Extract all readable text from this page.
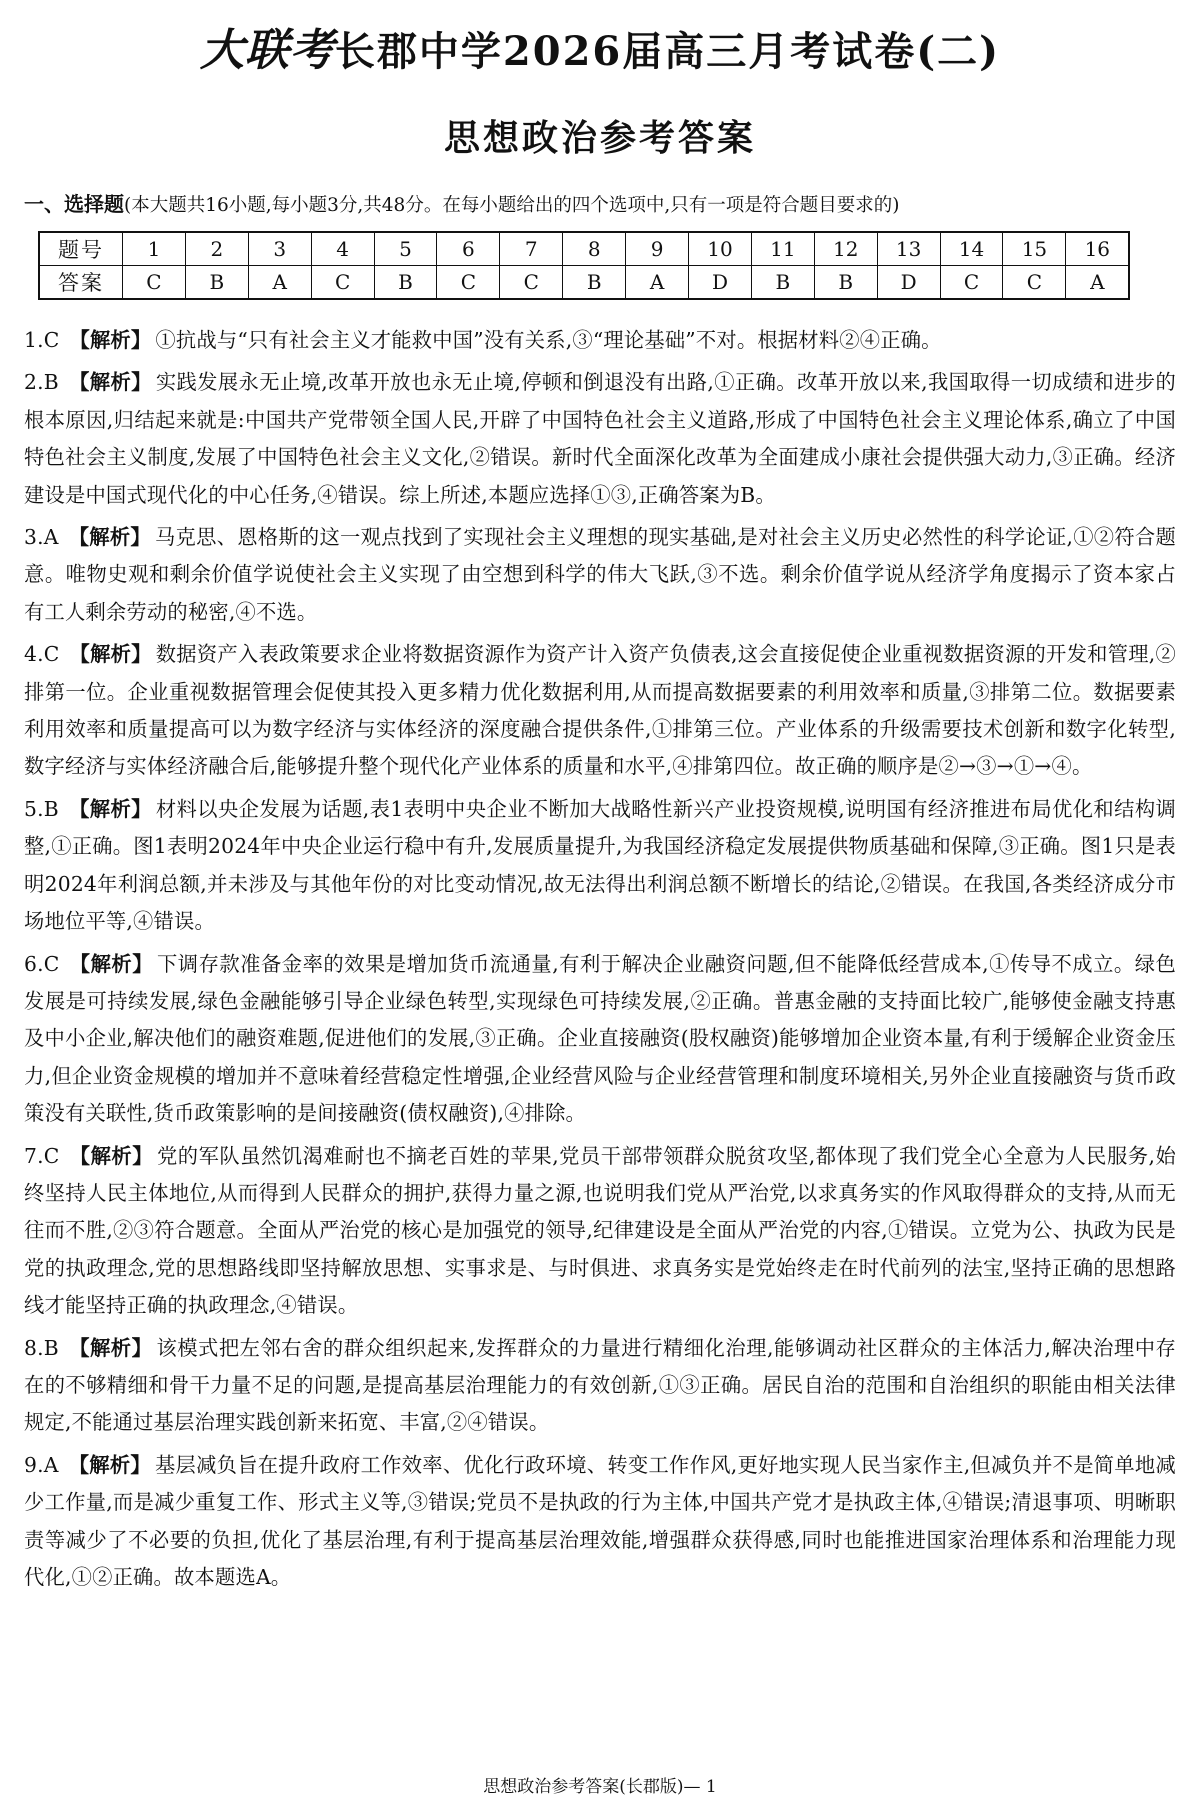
大联考长郡中学2026届高三月考试卷(二)
思想政治参考答案
一、选择题(本大题共16小题,每小题3分,共48分。在每小题给出的四个选项中,只有一项是符合题目要求的)
题号	1	2	3	4	5	6	7	8	9	10	11	12	13	14	15	16
答案	C	B	A	C	B	C	C	B	A	D	B	B	D	C	C	A

1.C 【解析】 ①抗战与“只有社会主义才能救中国”没有关系,③“理论基础”不对。根据材料②④正确。

2.B 【解析】 实践发展永无止境,改革开放也永无止境,停顿和倒退没有出路,①正确。改革开放以来,我国取得一切成绩和进步的根本原因,归结起来就是:中国共产党带领全国人民,开辟了中国特色社会主义道路,形成了中国特色社会主义理论体系,确立了中国特色社会主义制度,发展了中国特色社会主义文化,②错误。新时代全面深化改革为全面建成小康社会提供强大动力,③正确。经济建设是中国式现代化的中心任务,④错误。综上所述,本题应选择①③,正确答案为B。

3.A 【解析】 马克思、恩格斯的这一观点找到了实现社会主义理想的现实基础,是对社会主义历史必然性的科学论证,①②符合题意。唯物史观和剩余价值学说使社会主义实现了由空想到科学的伟大飞跃,③不选。剩余价值学说从经济学角度揭示了资本家占有工人剩余劳动的秘密,④不选。

4.C 【解析】 数据资产入表政策要求企业将数据资源作为资产计入资产负债表,这会直接促使企业重视数据资源的开发和管理,②排第一位。企业重视数据管理会促使其投入更多精力优化数据利用,从而提高数据要素的利用效率和质量,③排第二位。数据要素利用效率和质量提高可以为数字经济与实体经济的深度融合提供条件,①排第三位。产业体系的升级需要技术创新和数字化转型,数字经济与实体经济融合后,能够提升整个现代化产业体系的质量和水平,④排第四位。故正确的顺序是②→③→①→④。

5.B 【解析】 材料以央企发展为话题,表1表明中央企业不断加大战略性新兴产业投资规模,说明国有经济推进布局优化和结构调整,①正确。图1表明2024年中央企业运行稳中有升,发展质量提升,为我国经济稳定发展提供物质基础和保障,③正确。图1只是表明2024年利润总额,并未涉及与其他年份的对比变动情况,故无法得出利润总额不断增长的结论,②错误。在我国,各类经济成分市场地位平等,④错误。

6.C 【解析】 下调存款准备金率的效果是增加货币流通量,有利于解决企业融资问题,但不能降低经营成本,①传导不成立。绿色发展是可持续发展,绿色金融能够引导企业绿色转型,实现绿色可持续发展,②正确。普惠金融的支持面比较广,能够使金融支持惠及中小企业,解决他们的融资难题,促进他们的发展,③正确。企业直接融资(股权融资)能够增加企业资本量,有利于缓解企业资金压力,但企业资金规模的增加并不意味着经营稳定性增强,企业经营风险与企业经营管理和制度环境相关,另外企业直接融资与货币政策没有关联性,货币政策影响的是间接融资(债权融资),④排除。

7.C 【解析】 党的军队虽然饥渴难耐也不摘老百姓的苹果,党员干部带领群众脱贫攻坚,都体现了我们党全心全意为人民服务,始终坚持人民主体地位,从而得到人民群众的拥护,获得力量之源,也说明我们党从严治党,以求真务实的作风取得群众的支持,从而无往而不胜,②③符合题意。全面从严治党的核心是加强党的领导,纪律建设是全面从严治党的内容,①错误。立党为公、执政为民是党的执政理念,党的思想路线即坚持解放思想、实事求是、与时俱进、求真务实是党始终走在时代前列的法宝,坚持正确的思想路线才能坚持正确的执政理念,④错误。

8.B 【解析】 该模式把左邻右舍的群众组织起来,发挥群众的力量进行精细化治理,能够调动社区群众的主体活力,解决治理中存在的不够精细和骨干力量不足的问题,是提高基层治理能力的有效创新,①③正确。居民自治的范围和自治组织的职能由相关法律规定,不能通过基层治理实践创新来拓宽、丰富,②④错误。

9.A 【解析】 基层减负旨在提升政府工作效率、优化行政环境、转变工作作风,更好地实现人民当家作主,但减负并不是简单地减少工作量,而是减少重复工作、形式主义等,③错误;党员不是执政的行为主体,中国共产党才是执政主体,④错误;清退事项、明晰职责等减少了不必要的负担,优化了基层治理,有利于提高基层治理效能,增强群众获得感,同时也能推进国家治理体系和治理能力现代化,①②正确。故本题选A。

思想政治参考答案(长郡版)— 1
